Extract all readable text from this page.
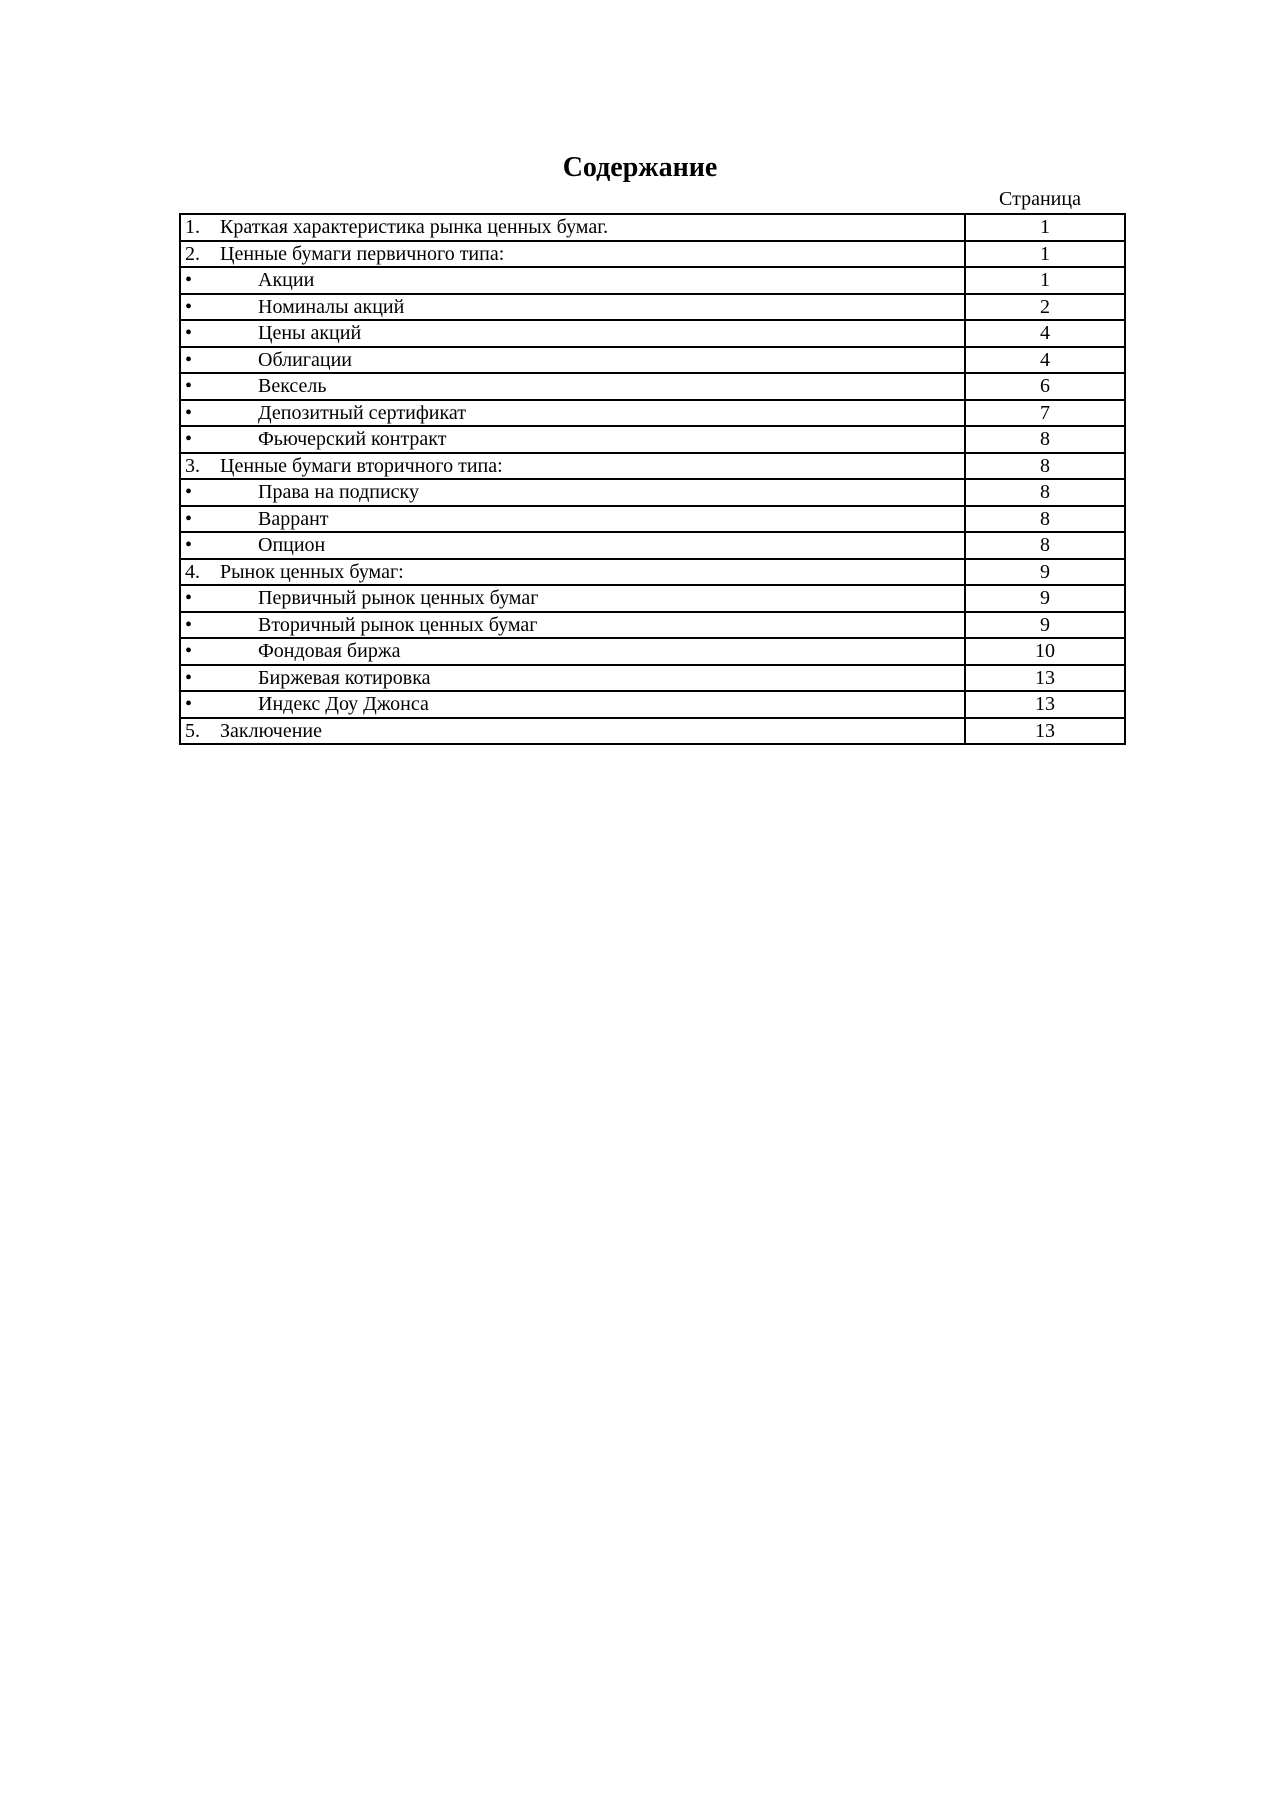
Содержание
Страница
1. Краткая характеристика рынка ценных бумаг.	1
2. Ценные бумаги первичного типа:	1
• Акции	1
• Номиналы акций	2
• Цены акций	4
• Облигации	4
• Вексель	6
• Депозитный сертификат	7
• Фьючерский контракт	8
3. Ценные бумаги вторичного типа:	8
• Права на подписку	8
• Варрант	8
• Опцион	8
4. Рынок ценных бумаг:	9
• Первичный рынок ценных бумаг	9
• Вторичный рынок ценных бумаг	9
• Фондовая биржа	10
• Биржевая котировка	13
• Индекс Доу Джонса	13
5. Заключение	13
